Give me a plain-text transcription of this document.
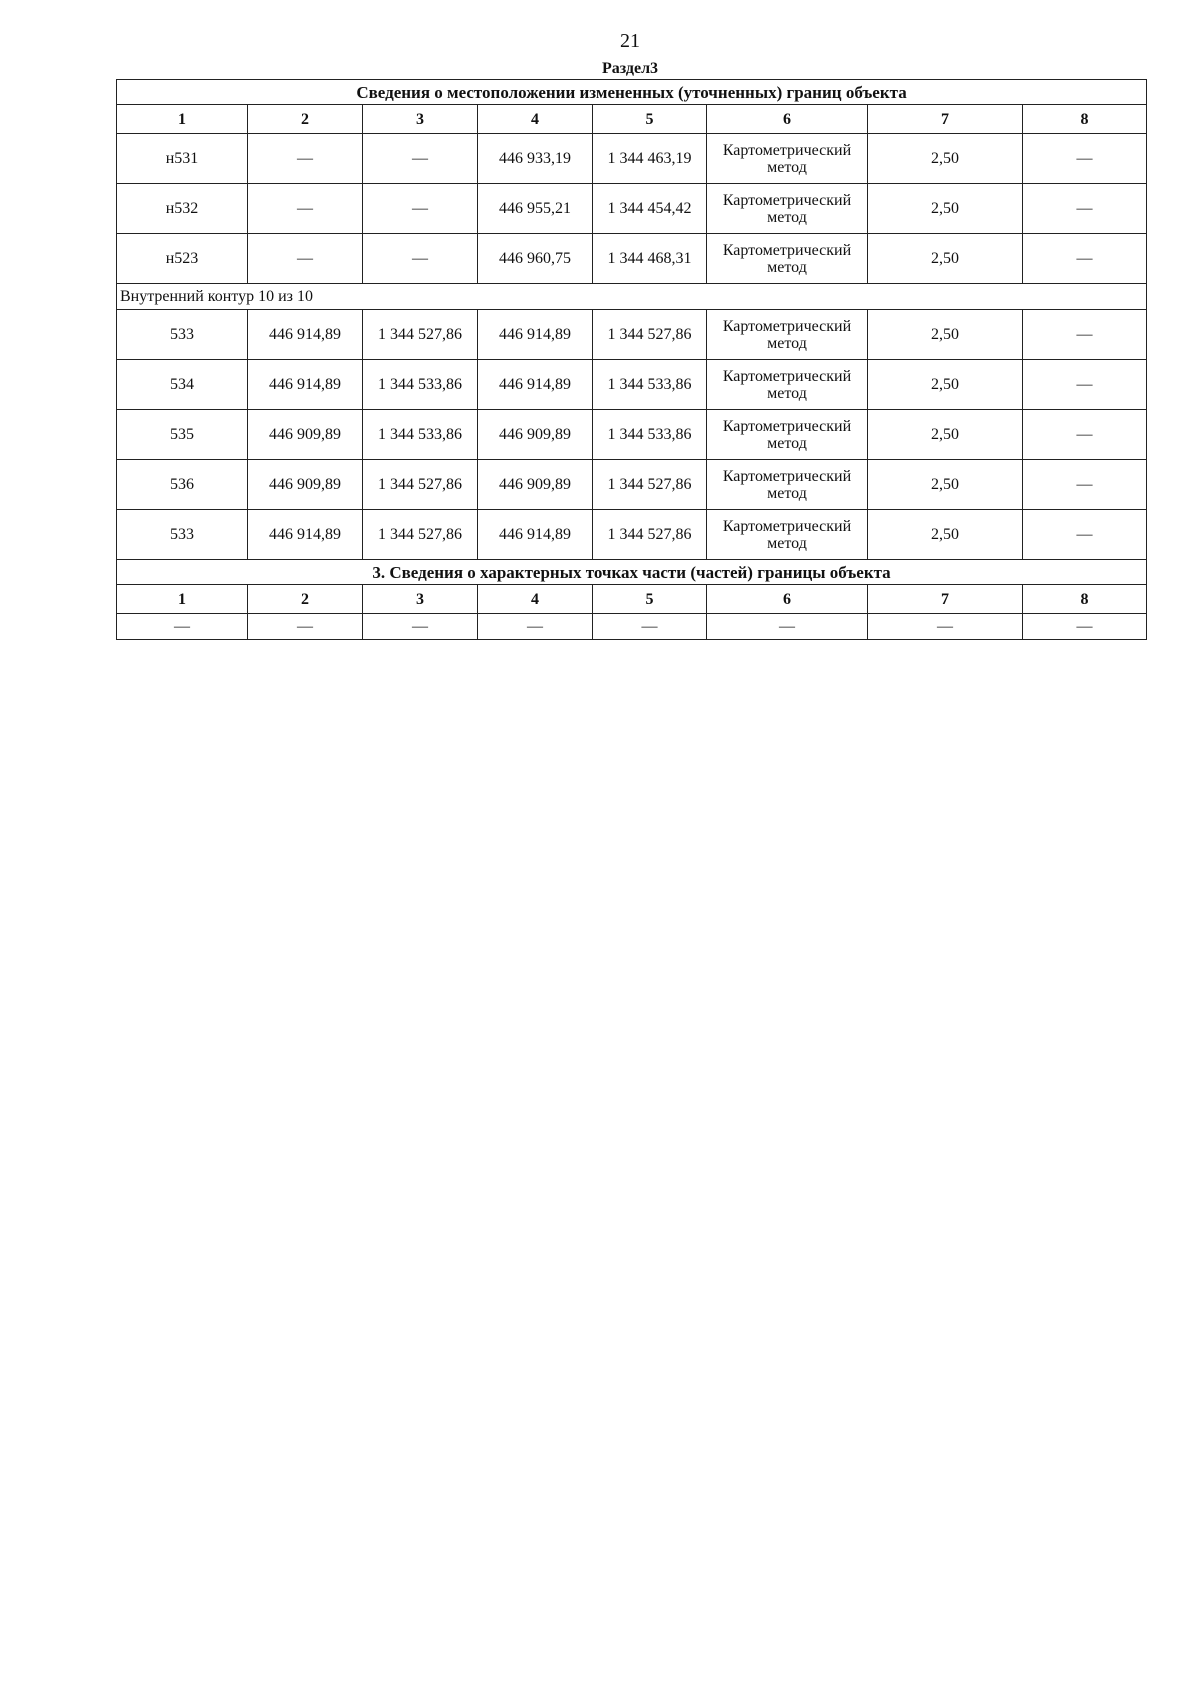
21
Раздел3
Сведения о местоположении измененных (уточненных) границ объекта							
1	2	3	4	5	6	7	8
н531	—	—	446 933,19	1 344 463,19	Картометрический метод	2,50	—
н532	—	—	446 955,21	1 344 454,42	Картометрический метод	2,50	—
н523	—	—	446 960,75	1 344 468,31	Картометрический метод	2,50	—
Внутренний контур 10 из 10							
533	446 914,89	1 344 527,86	446 914,89	1 344 527,86	Картометрический метод	2,50	—
534	446 914,89	1 344 533,86	446 914,89	1 344 533,86	Картометрический метод	2,50	—
535	446 909,89	1 344 533,86	446 909,89	1 344 533,86	Картометрический метод	2,50	—
536	446 909,89	1 344 527,86	446 909,89	1 344 527,86	Картометрический метод	2,50	—
533	446 914,89	1 344 527,86	446 914,89	1 344 527,86	Картометрический метод	2,50	—
3. Сведения о характерных точках части (частей) границы объекта							
1	2	3	4	5	6	7	8
—	—	—	—	—	—	—	—
